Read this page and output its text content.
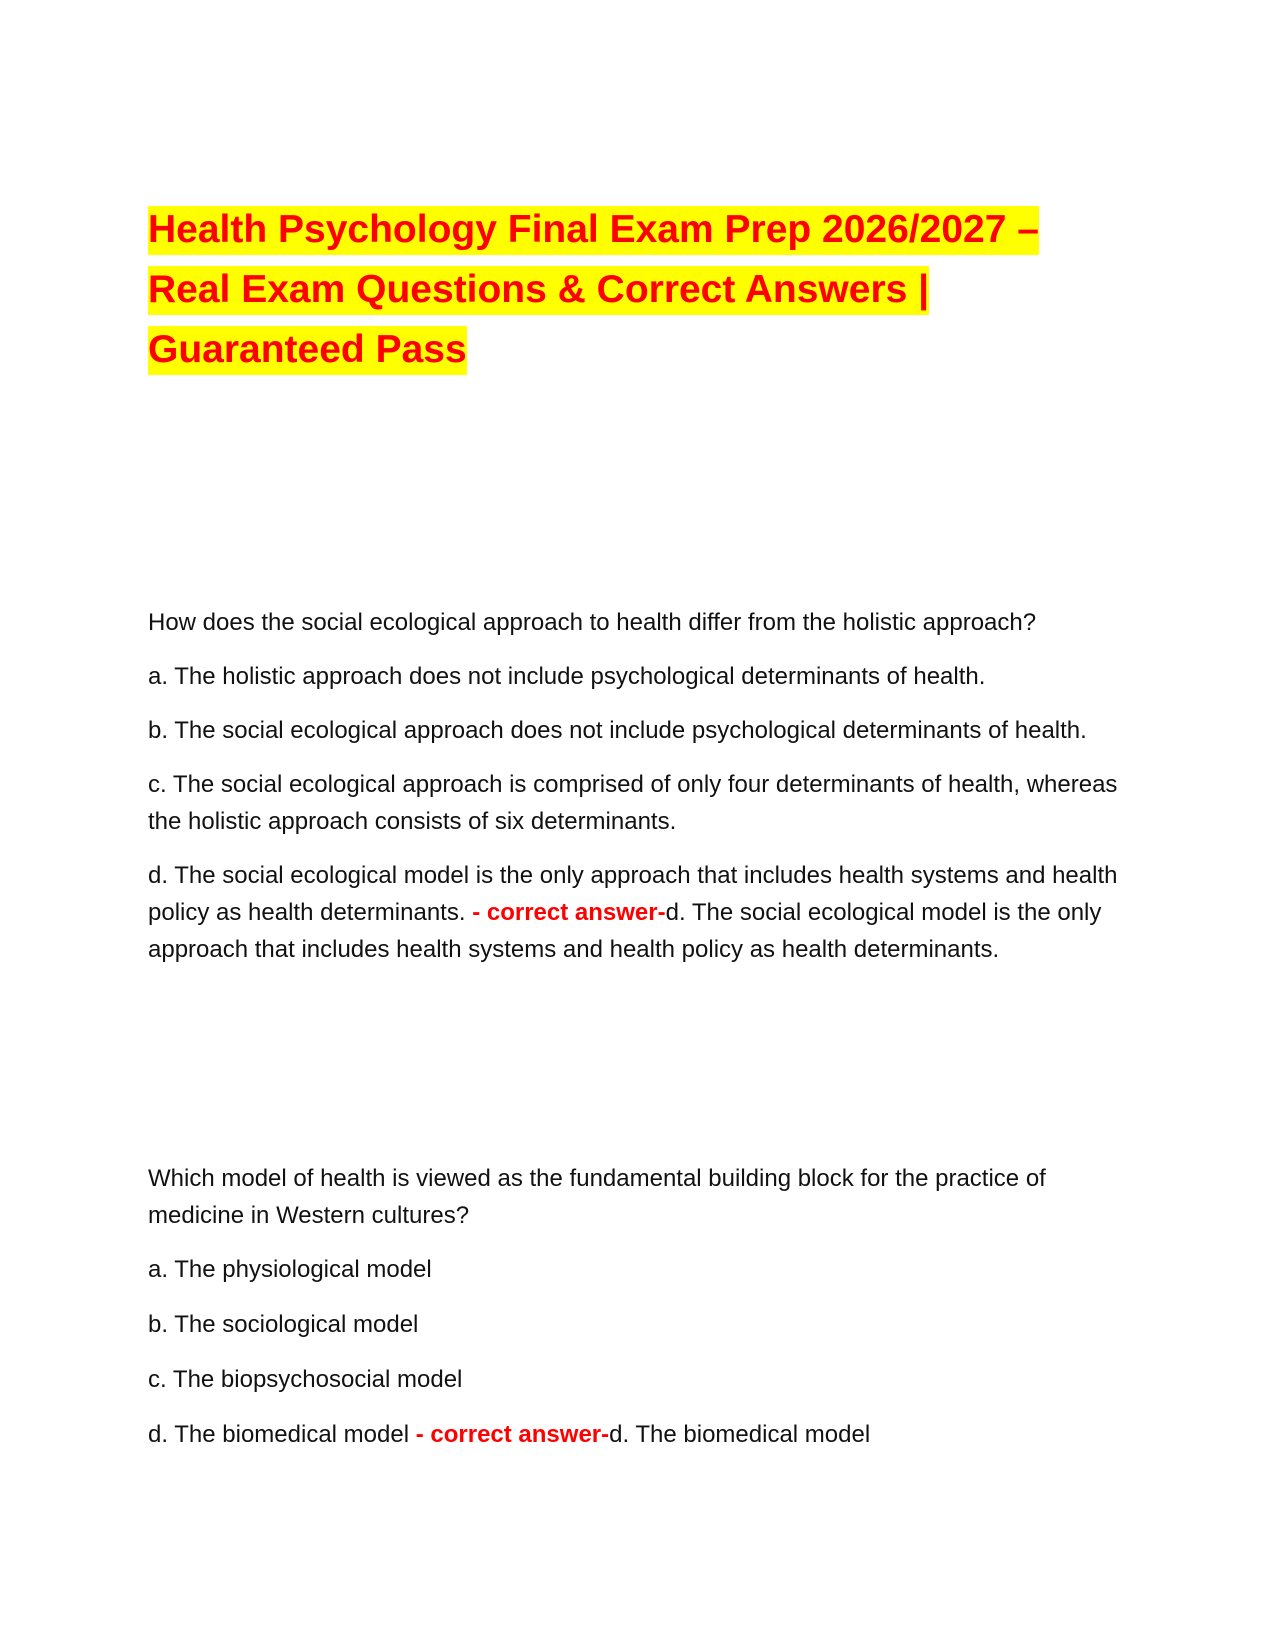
Health Psychology Final Exam Prep 2026/2027 –
Real Exam Questions & Correct Answers |
Guaranteed Pass

How does the social ecological approach to health differ from the holistic approach?

a. The holistic approach does not include psychological determinants of health.

b. The social ecological approach does not include psychological determinants of health.

c. The social ecological approach is comprised of only four determinants of health, whereas the holistic approach consists of six determinants.

d. The social ecological model is the only approach that includes health systems and health policy as health determinants. - correct answer-d. The social ecological model is the only approach that includes health systems and health policy as health determinants.

Which model of health is viewed as the fundamental building block for the practice of medicine in Western cultures?

a. The physiological model

b. The sociological model

c. The biopsychosocial model

d. The biomedical model - correct answer-d. The biomedical model
